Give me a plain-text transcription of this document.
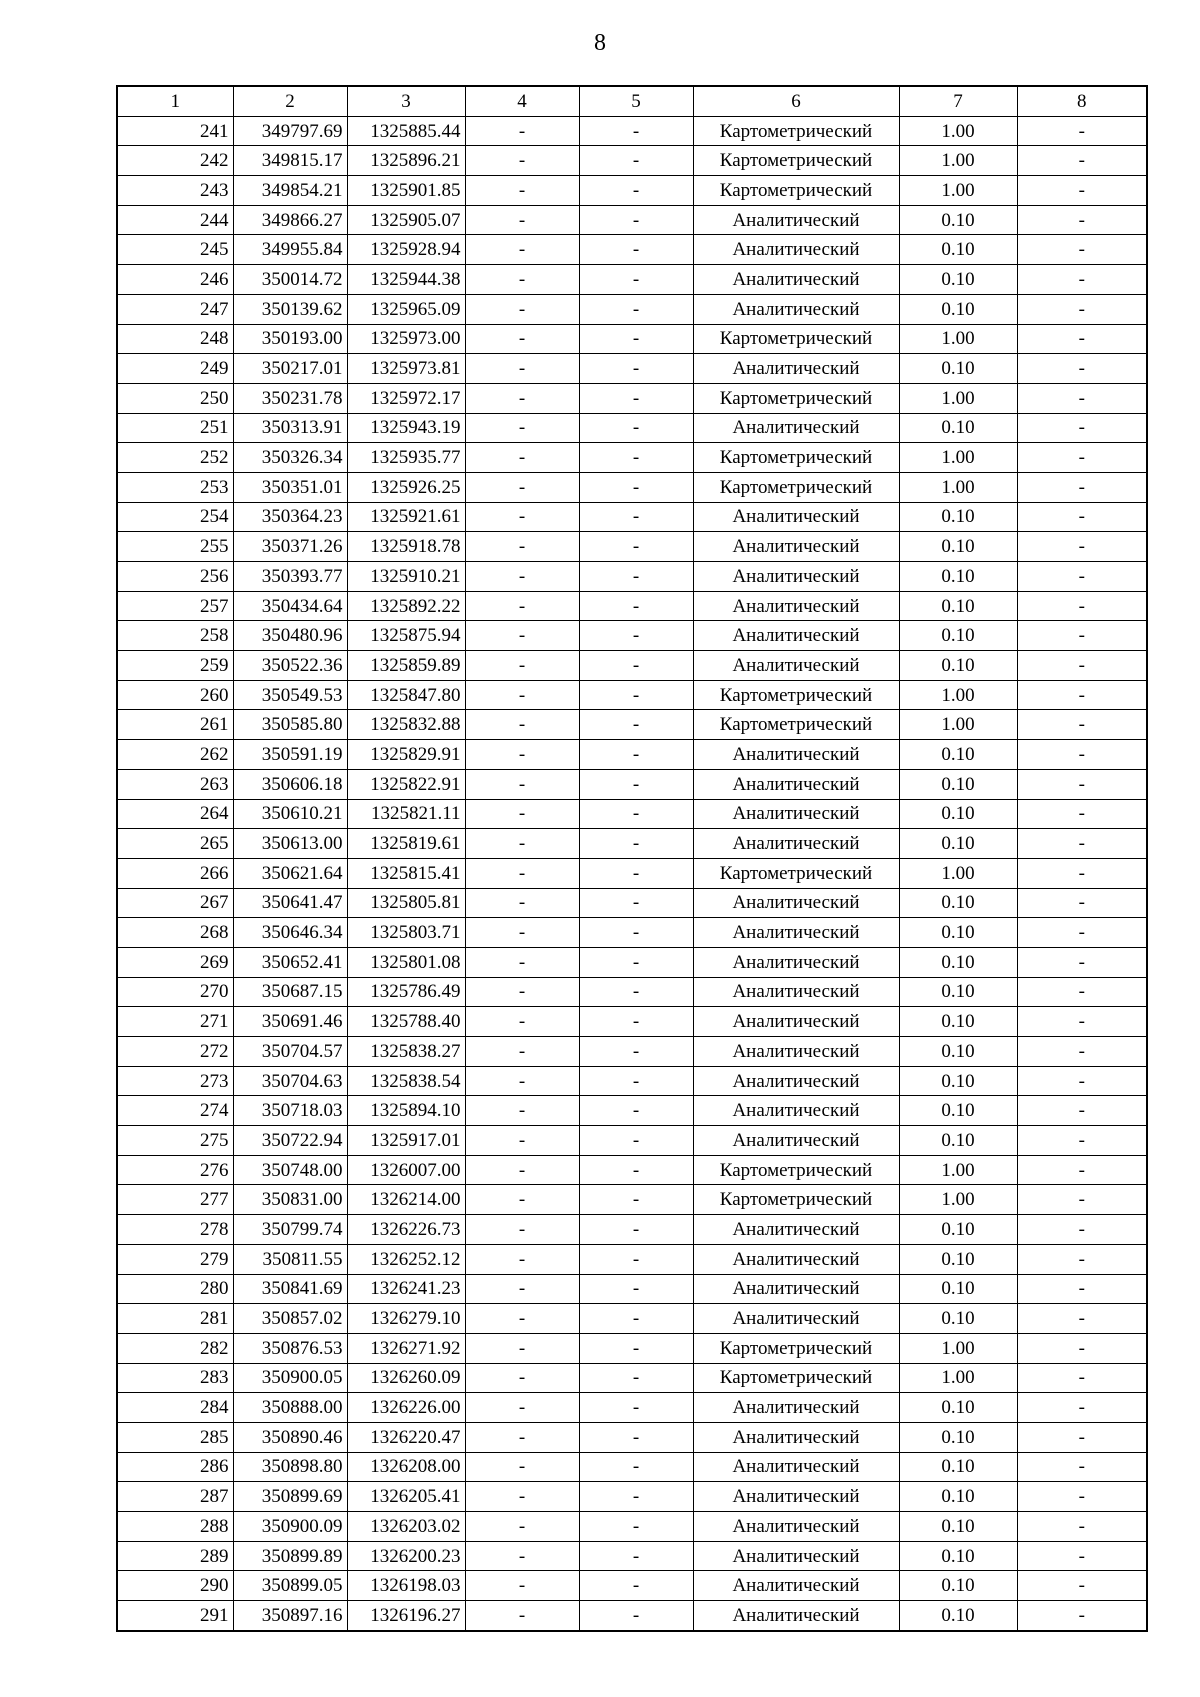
8
1	2	3	4	5	6	7	8
241	349797.69	1325885.44	-	-	Картометрический	1.00	-
242	349815.17	1325896.21	-	-	Картометрический	1.00	-
243	349854.21	1325901.85	-	-	Картометрический	1.00	-
244	349866.27	1325905.07	-	-	Аналитический	0.10	-
245	349955.84	1325928.94	-	-	Аналитический	0.10	-
246	350014.72	1325944.38	-	-	Аналитический	0.10	-
247	350139.62	1325965.09	-	-	Аналитический	0.10	-
248	350193.00	1325973.00	-	-	Картометрический	1.00	-
249	350217.01	1325973.81	-	-	Аналитический	0.10	-
250	350231.78	1325972.17	-	-	Картометрический	1.00	-
251	350313.91	1325943.19	-	-	Аналитический	0.10	-
252	350326.34	1325935.77	-	-	Картометрический	1.00	-
253	350351.01	1325926.25	-	-	Картометрический	1.00	-
254	350364.23	1325921.61	-	-	Аналитический	0.10	-
255	350371.26	1325918.78	-	-	Аналитический	0.10	-
256	350393.77	1325910.21	-	-	Аналитический	0.10	-
257	350434.64	1325892.22	-	-	Аналитический	0.10	-
258	350480.96	1325875.94	-	-	Аналитический	0.10	-
259	350522.36	1325859.89	-	-	Аналитический	0.10	-
260	350549.53	1325847.80	-	-	Картометрический	1.00	-
261	350585.80	1325832.88	-	-	Картометрический	1.00	-
262	350591.19	1325829.91	-	-	Аналитический	0.10	-
263	350606.18	1325822.91	-	-	Аналитический	0.10	-
264	350610.21	1325821.11	-	-	Аналитический	0.10	-
265	350613.00	1325819.61	-	-	Аналитический	0.10	-
266	350621.64	1325815.41	-	-	Картометрический	1.00	-
267	350641.47	1325805.81	-	-	Аналитический	0.10	-
268	350646.34	1325803.71	-	-	Аналитический	0.10	-
269	350652.41	1325801.08	-	-	Аналитический	0.10	-
270	350687.15	1325786.49	-	-	Аналитический	0.10	-
271	350691.46	1325788.40	-	-	Аналитический	0.10	-
272	350704.57	1325838.27	-	-	Аналитический	0.10	-
273	350704.63	1325838.54	-	-	Аналитический	0.10	-
274	350718.03	1325894.10	-	-	Аналитический	0.10	-
275	350722.94	1325917.01	-	-	Аналитический	0.10	-
276	350748.00	1326007.00	-	-	Картометрический	1.00	-
277	350831.00	1326214.00	-	-	Картометрический	1.00	-
278	350799.74	1326226.73	-	-	Аналитический	0.10	-
279	350811.55	1326252.12	-	-	Аналитический	0.10	-
280	350841.69	1326241.23	-	-	Аналитический	0.10	-
281	350857.02	1326279.10	-	-	Аналитический	0.10	-
282	350876.53	1326271.92	-	-	Картометрический	1.00	-
283	350900.05	1326260.09	-	-	Картометрический	1.00	-
284	350888.00	1326226.00	-	-	Аналитический	0.10	-
285	350890.46	1326220.47	-	-	Аналитический	0.10	-
286	350898.80	1326208.00	-	-	Аналитический	0.10	-
287	350899.69	1326205.41	-	-	Аналитический	0.10	-
288	350900.09	1326203.02	-	-	Аналитический	0.10	-
289	350899.89	1326200.23	-	-	Аналитический	0.10	-
290	350899.05	1326198.03	-	-	Аналитический	0.10	-
291	350897.16	1326196.27	-	-	Аналитический	0.10	-
